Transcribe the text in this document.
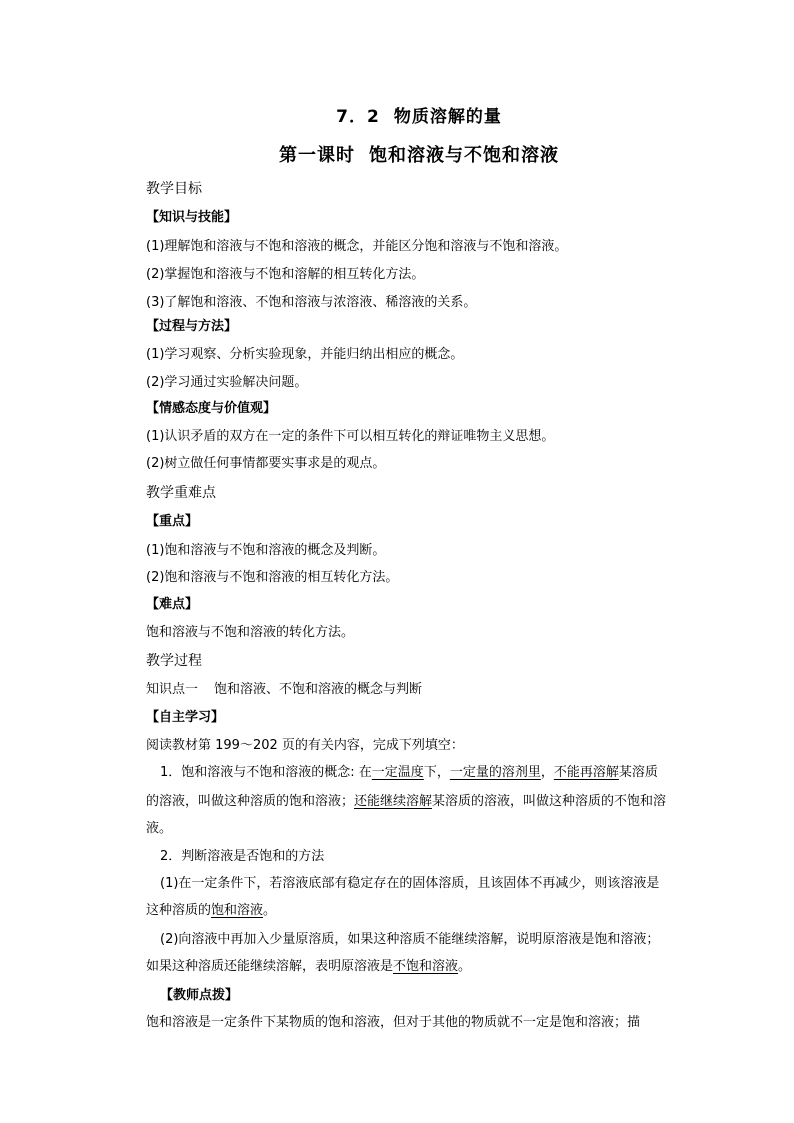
7．2 物质溶解的量
第一课时 饱和溶液与不饱和溶液
教学目标
【知识与技能】
(1)理解饱和溶液与不饱和溶液的概念，并能区分饱和溶液与不饱和溶液。
(2)掌握饱和溶液与不饱和溶解的相互转化方法。
(3)了解饱和溶液、不饱和溶液与浓溶液、稀溶液的关系。
【过程与方法】
(1)学习观察、分析实验现象，并能归纳出相应的概念。
(2)学习通过实验解决问题。
【情感态度与价值观】
(1)认识矛盾的双方在一定的条件下可以相互转化的辩证唯物主义思想。
(2)树立做任何事情都要实事求是的观点。
教学重难点
【重点】
(1)饱和溶液与不饱和溶液的概念及判断。
(2)饱和溶液与不饱和溶液的相互转化方法。
【难点】
饱和溶液与不饱和溶液的转化方法。
教学过程
知识点一 饱和溶液、不饱和溶液的概念与判断
【自主学习】
阅读教材第 199～202 页的有关内容，完成下列填空：
1．饱和溶液与不饱和溶液的概念: 在一定温度下，一定量的溶剂里，不能再溶解某溶质
的溶液，叫做这种溶质的饱和溶液；还能继续溶解某溶质的溶液，叫做这种溶质的不饱和溶
液。
2．判断溶液是否饱和的方法
(1)在一定条件下，若溶液底部有稳定存在的固体溶质，且该固体不再减少，则该溶液是
这种溶质的饱和溶液。
(2)向溶液中再加入少量原溶质，如果这种溶质不能继续溶解，说明原溶液是饱和溶液；
如果这种溶质还能继续溶解，表明原溶液是不饱和溶液。
【教师点拨】
饱和溶液是一定条件下某物质的饱和溶液，但对于其他的物质就不一定是饱和溶液；描
